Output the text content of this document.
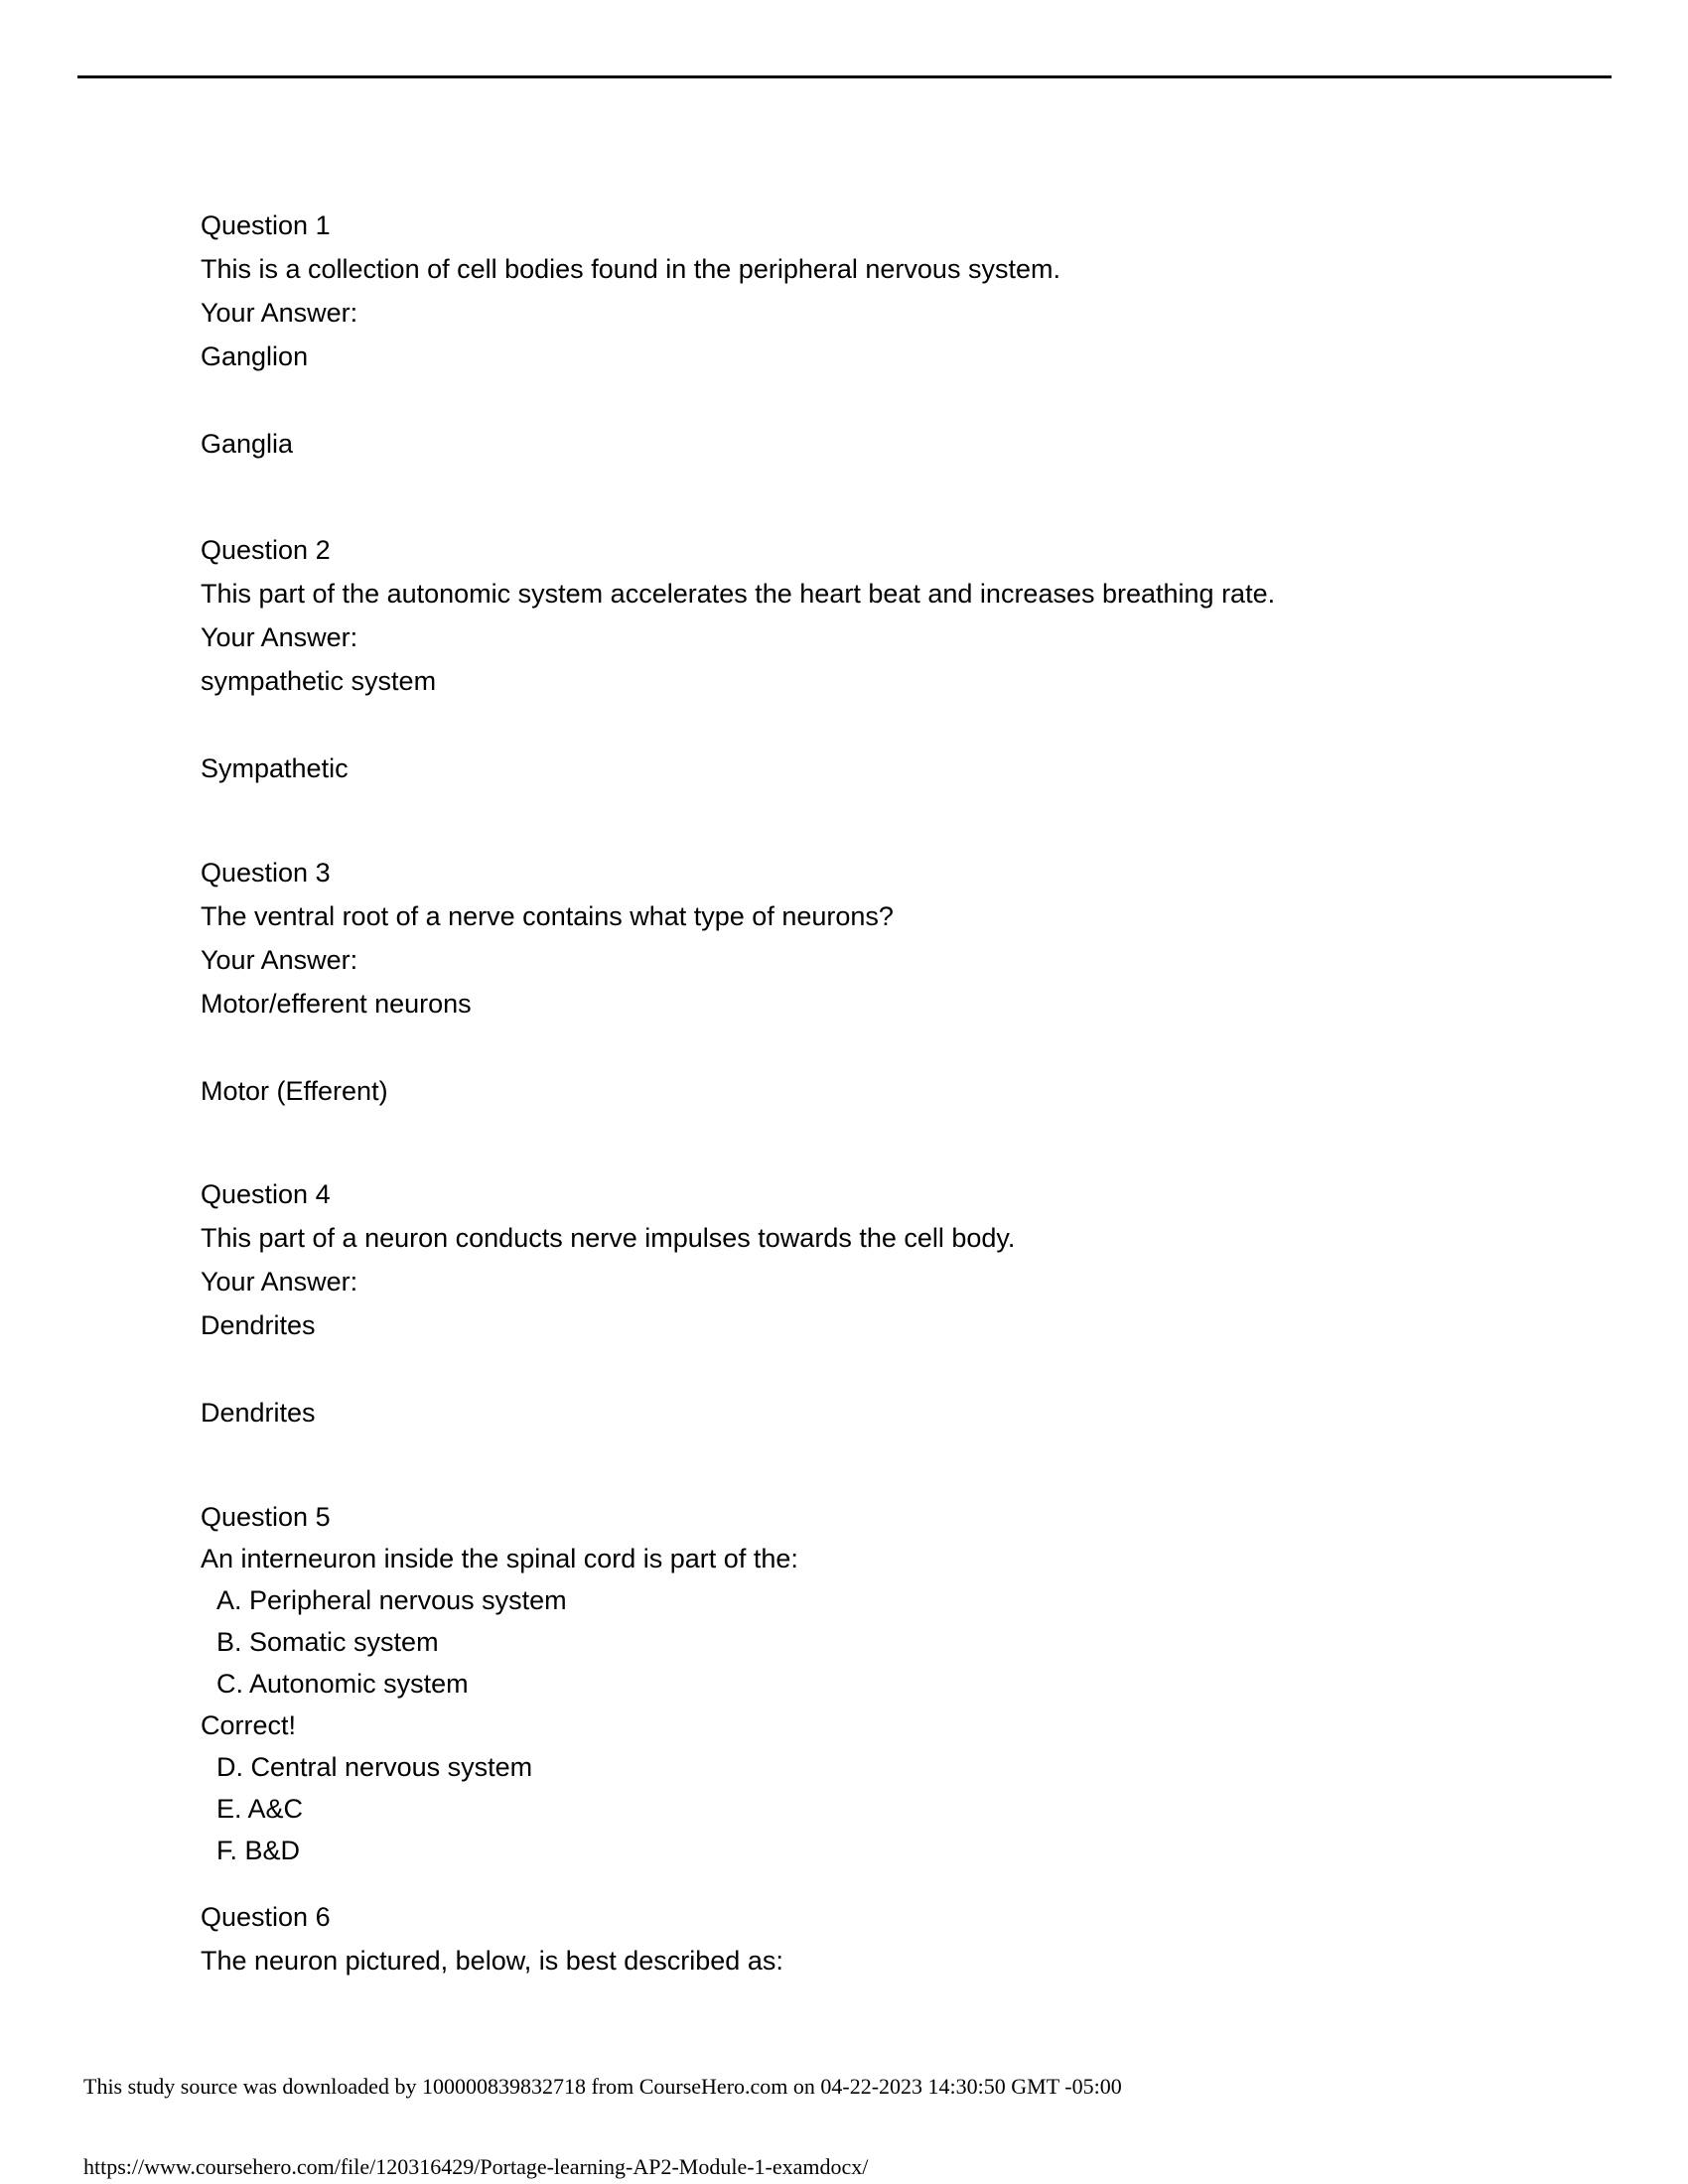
Question 1
This is a collection of cell bodies found in the peripheral nervous system.
Your Answer:
Ganglion
Ganglia
Question 2
This part of the autonomic system accelerates the heart beat and increases breathing rate.
Your Answer:
sympathetic system
Sympathetic
Question 3
The ventral root of a nerve contains what type of neurons?
Your Answer:
Motor/efferent neurons
Motor (Efferent)
Question 4
This part of a neuron conducts nerve impulses towards the cell body.
Your Answer:
Dendrites
Dendrites
Question 5
An interneuron inside the spinal cord is part of the:
A. Peripheral nervous system
B. Somatic system
C. Autonomic system
Correct!
D. Central nervous system
E. A&C
F. B&D
Question 6
The neuron pictured, below, is best described as:
This study source was downloaded by 100000839832718 from CourseHero.com on 04-22-2023 14:30:50 GMT -05:00
https://www.coursehero.com/file/120316429/Portage-learning-AP2-Module-1-examdocx/
